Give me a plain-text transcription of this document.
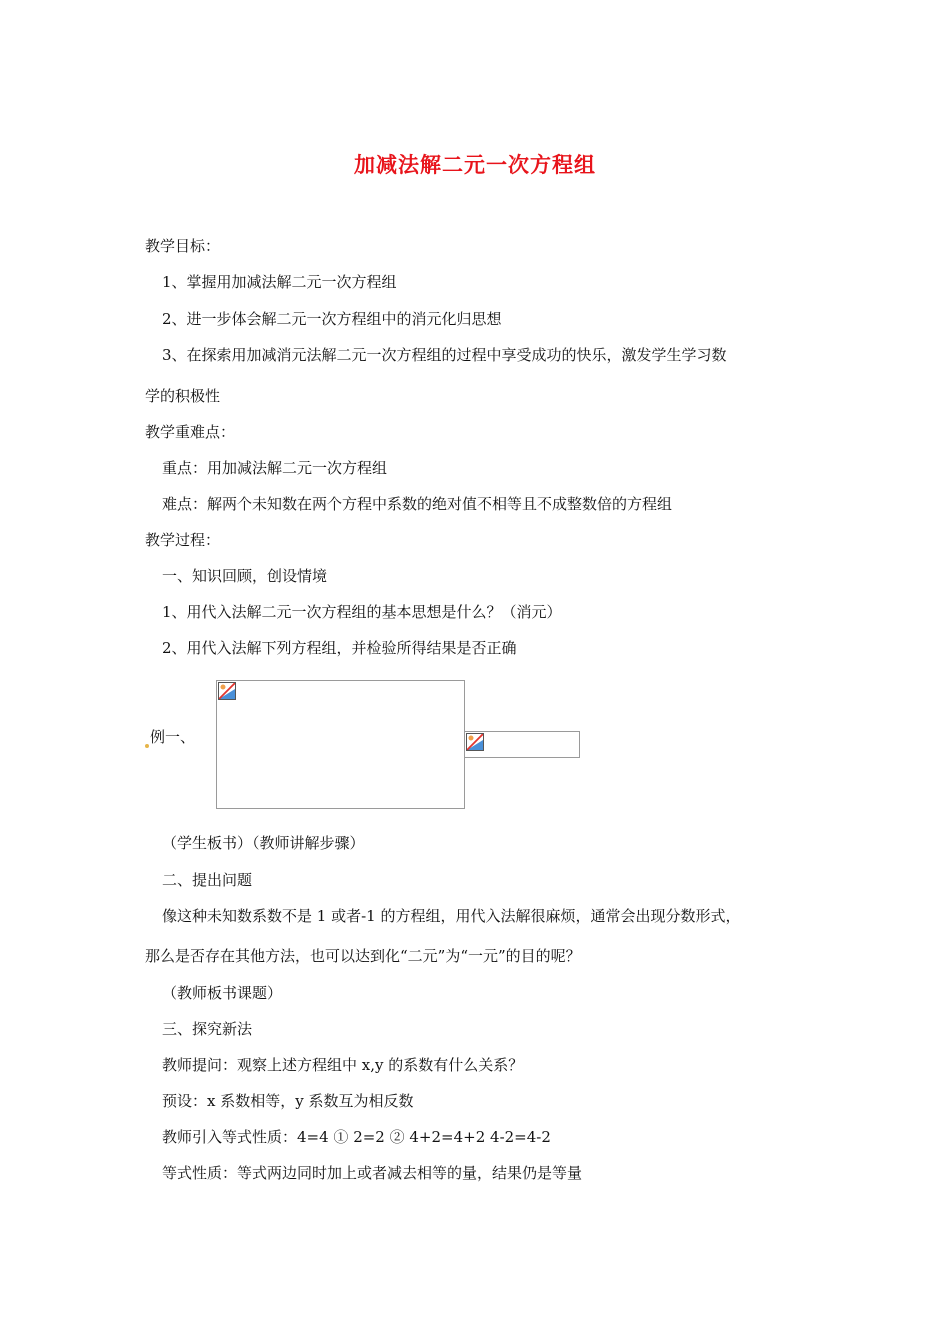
加减法解二元一次方程组
教学目标：
1、掌握用加减法解二元一次方程组
2、进一步体会解二元一次方程组中的消元化归思想
3、在探索用加减消元法解二元一次方程组的过程中享受成功的快乐，激发学生学习数
学的积极性
教学重难点：
重点：用加减法解二元一次方程组
难点：解两个未知数在两个方程中系数的绝对值不相等且不成整数倍的方程组
教学过程：
一、知识回顾，创设情境
1、用代入法解二元一次方程组的基本思想是什么？（消元）
2、用代入法解下列方程组，并检验所得结果是否正确
例一、
（学生板书）（教师讲解步骤）
二、提出问题
像这种未知数系数不是 1 或者-1 的方程组，用代入法解很麻烦，通常会出现分数形式，
那么是否存在其他方法，也可以达到化“二元”为“一元”的目的呢？
（教师板书课题）
三、探究新法
教师提问：观察上述方程组中 x,y 的系数有什么关系？
预设：x 系数相等，y 系数互为相反数
教师引入等式性质：4=4 ① 2=2 ② 4+2=4+2 4-2=4-2
等式性质：等式两边同时加上或者减去相等的量，结果仍是等量
